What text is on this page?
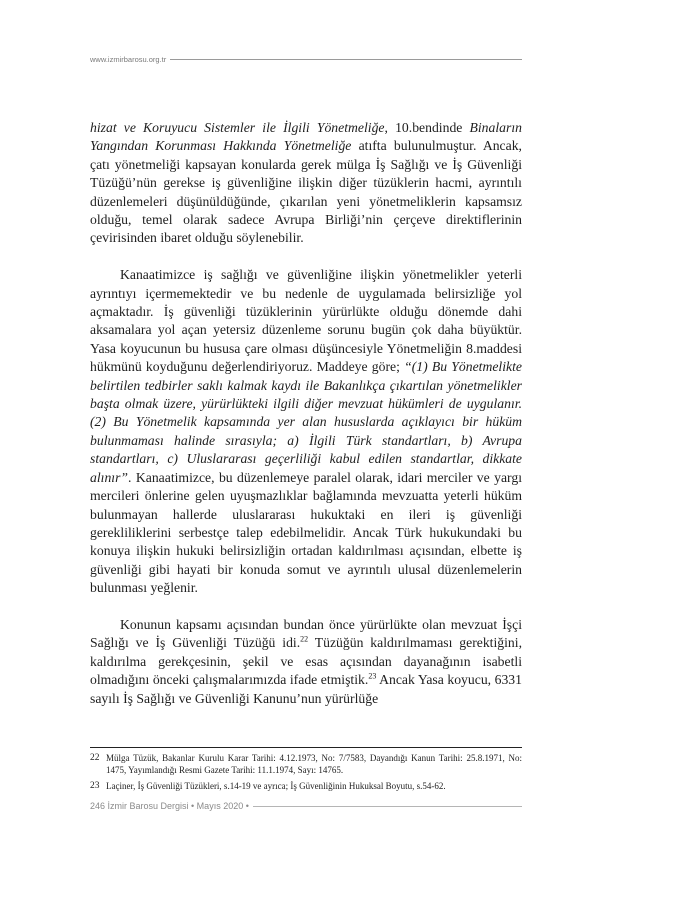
www.izmirbarosu.org.tr

hizat ve Koruyucu Sistemler ile İlgili Yönetmeliğe, 10.bendinde Binaların Yangından Korunması Hakkında Yönetmeliğe atıfta bulunulmuştur. Ancak, çatı yönetmeliği kapsayan konularda gerek mülga İş Sağlığı ve İş Güvenliği Tüzüğü’nün gerekse iş güvenliğine ilişkin diğer tüzüklerin hacmi, ayrıntılı düzenlemeleri düşünüldüğünde, çıkarılan yeni yönetmeliklerin kapsamsız olduğu, temel olarak sadece Avrupa Birliği’nin çerçeve direktiflerinin çevirisinden ibaret olduğu söylenebilir.

Kanaatimizce iş sağlığı ve güvenliğine ilişkin yönetmelikler yeterli ayrıntıyı içermemektedir ve bu nedenle de uygulamada belirsizliğe yol açmaktadır. İş güvenliği tüzüklerinin yürürlükte olduğu dönemde dahi aksamalara yol açan yetersiz düzenleme sorunu bugün çok daha büyüktür. Yasa koyucunun bu hususa çare olması düşüncesiyle Yönetmeliğin 8.maddesi hükmünü koyduğunu değerlendiriyoruz. Maddeye göre; “(1) Bu Yönetmelikte belirtilen tedbirler saklı kalmak kaydı ile Bakanlıkça çıkartılan yönetmelikler başta olmak üzere, yürürlükteki ilgili diğer mevzuat hükümleri de uygulanır. (2) Bu Yönetmelik kapsamında yer alan hususlarda açıklayıcı bir hüküm bulunmaması halinde sırasıyla; a) İlgili Türk standartları, b) Avrupa standartları, c) Uluslararası geçerliliği kabul edilen standartlar, dikkate alınır”. Kanaatimizce, bu düzenlemeye paralel olarak, idari merciler ve yargı mercileri önlerine gelen uyuşmazlıklar bağlamında mevzuatta yeterli hüküm bulunmayan hallerde uluslararası hukuktaki en ileri iş güvenliği gerekliliklerini serbestçe talep edebilmelidir. Ancak Türk hukukundaki bu konuya ilişkin hukuki belirsizliğin ortadan kaldırılması açısından, elbette iş güvenliği gibi hayati bir konuda somut ve ayrıntılı ulusal düzenlemelerin bulunması yeğlenir.

Konunun kapsamı açısından bundan önce yürürlükte olan mevzuat İşçi Sağlığı ve İş Güvenliği Tüzüğü idi.$^{22}$ Tüzüğün kaldırılmaması gerektiğini, kaldırılma gerekçesinin, şekil ve esas açısından dayanağının isabetli olmadığını önceki çalışmalarımızda ifade etmiştik.$^{23}$ Ancak Yasa koyucu, 6331 sayılı İş Sağlığı ve Güvenliği Kanunu’nun yürürlüğe

22 Mülga Tüzük, Bakanlar Kurulu Karar Tarihi: 4.12.1973, No: 7/7583, Dayandığı Kanun Tarihi: 25.8.1971, No: 1475, Yayımlandığı Resmi Gazete Tarihi: 11.1.1974, Sayı: 14765.
23 Laçiner, İş Güvenliği Tüzükleri, s.14-19 ve ayrıca; İş Güvenliğinin Hukuksal Boyutu, s.54-62.
246 İzmir Barosu Dergisi • Mayıs 2020 •
